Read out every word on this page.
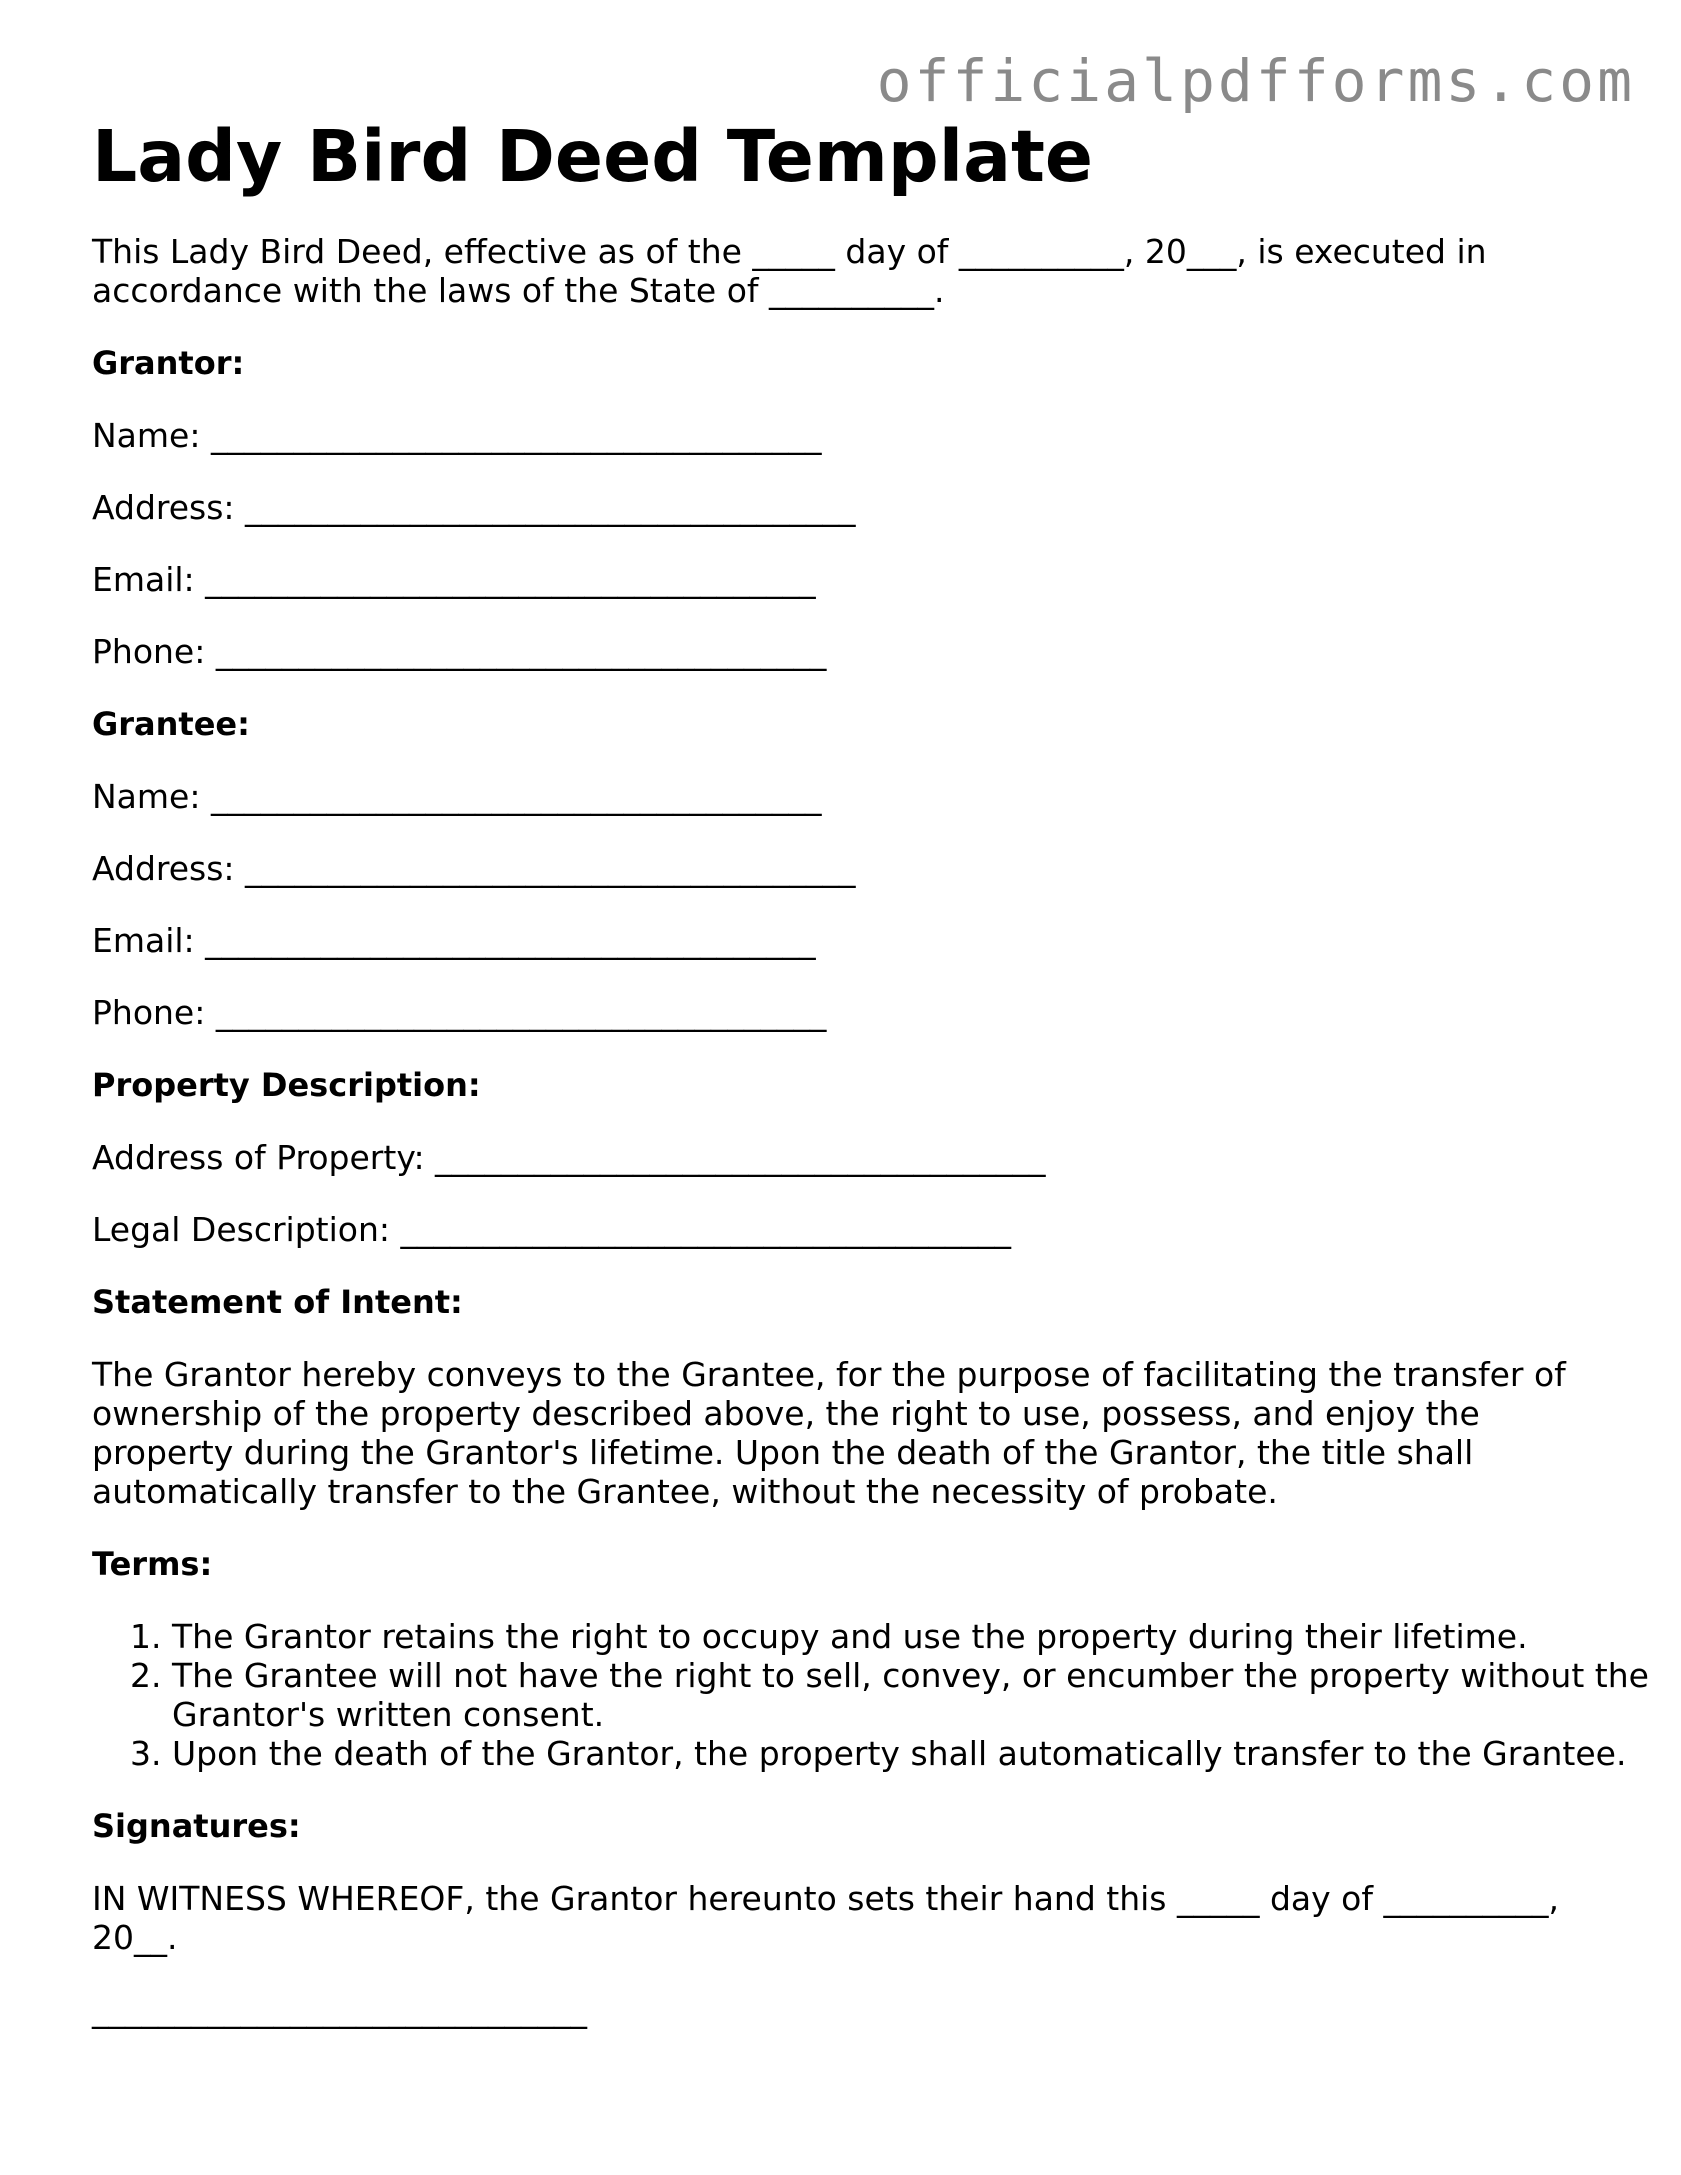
officialpdfforms.com
Lady Bird Deed Template

This Lady Bird Deed, effective as of the _____ day of __________, 20___, is executed in accordance with the laws of the State of __________.

Grantor:

Name: _____________________________________

Address: _____________________________________

Email: _____________________________________

Phone: _____________________________________

Grantee:

Name: _____________________________________

Address: _____________________________________

Email: _____________________________________

Phone: _____________________________________

Property Description:

Address of Property: _____________________________________

Legal Description: _____________________________________

Statement of Intent:

The Grantor hereby conveys to the Grantee, for the purpose of facilitating the transfer of ownership of the property described above, the right to use, possess, and enjoy the property during the Grantor's lifetime. Upon the death of the Grantor, the title shall automatically transfer to the Grantee, without the necessity of probate.

Terms:

1. The Grantor retains the right to occupy and use the property during their lifetime.
2. The Grantee will not have the right to sell, convey, or encumber the property without the Grantor's written consent.
3. Upon the death of the Grantor, the property shall automatically transfer to the Grantee.

Signatures:

IN WITNESS WHEREOF, the Grantor hereunto sets their hand this _____ day of __________, 20__.

______________________________
